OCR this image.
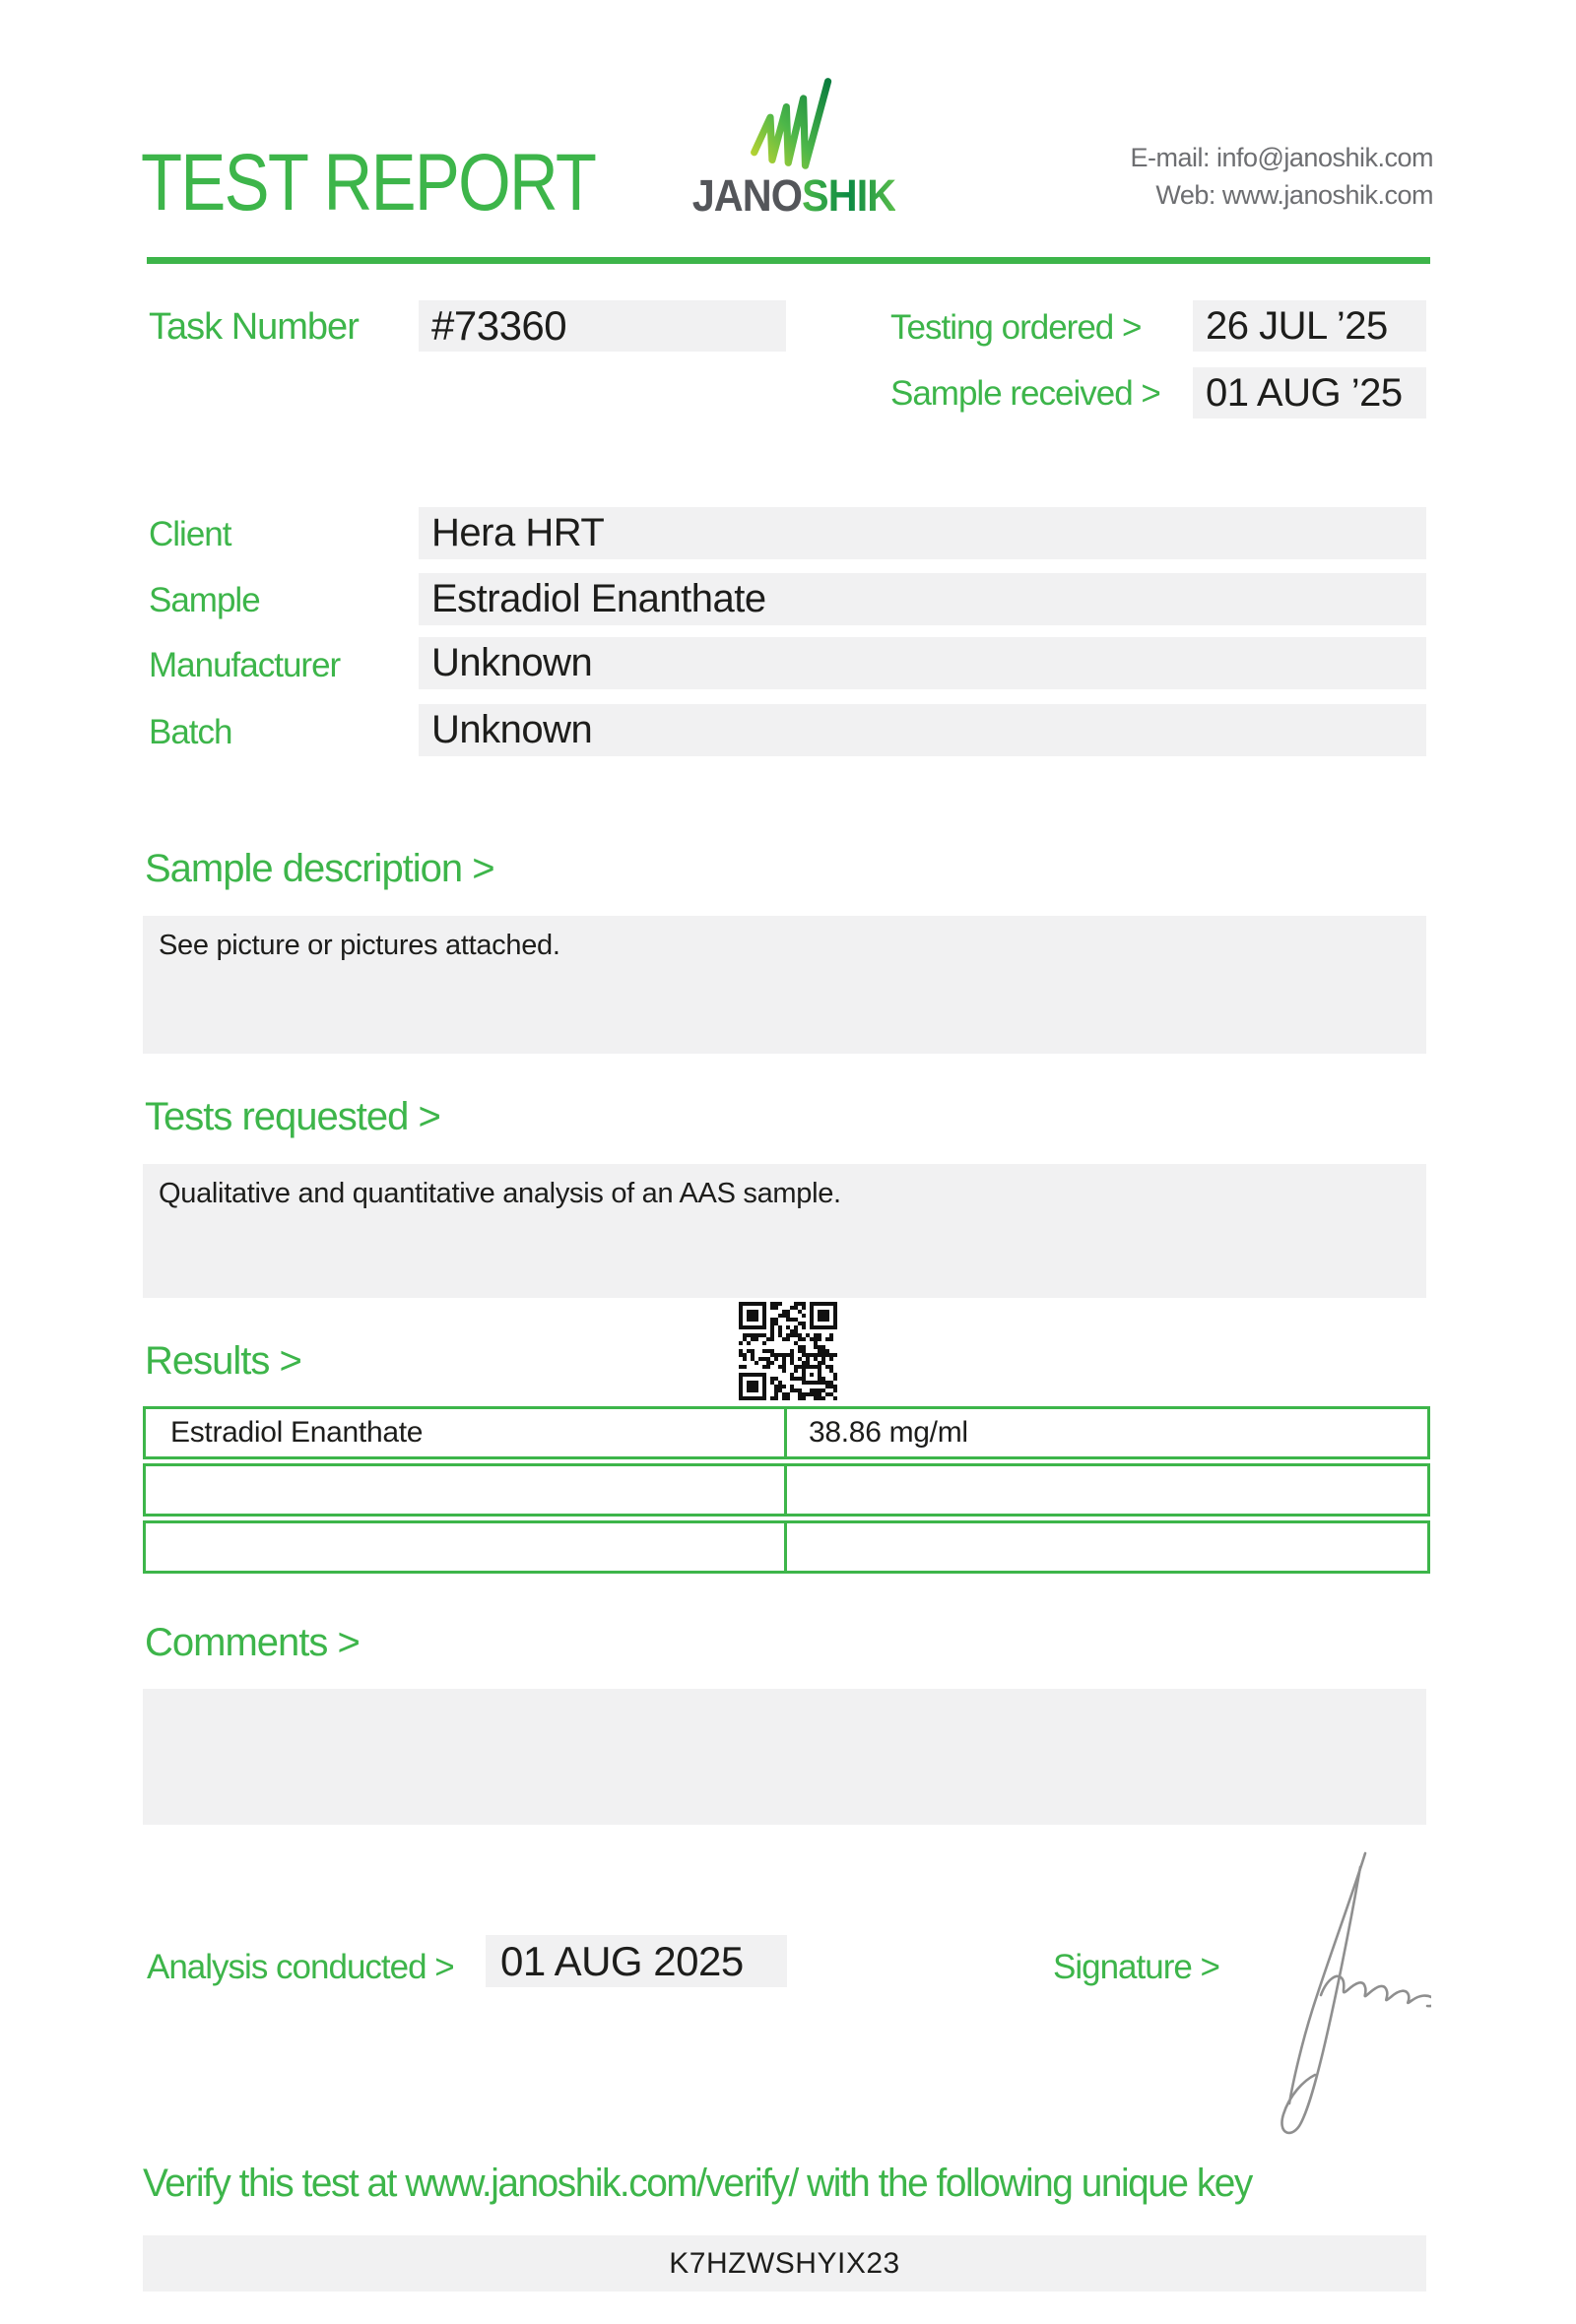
TEST REPORT JANOSHIK
E-mail: info@janoshik.com
Web: www.janoshik.com
Task Number	#73360	Testing ordered >	26 JUL ’25
Sample received >	01 AUG ’25
Client	Hera HRT
Sample	Estradiol Enanthate
Manufacturer	Unknown
Batch	Unknown
Sample description >
See picture or pictures attached.
Tests requested >
Qualitative and quantitative analysis of an AAS sample.
Results >
Estradiol Enanthate	38.86 mg/ml
Comments >
Analysis conducted >	01 AUG 2025	Signature >
Verify this test at www.janoshik.com/verify/ with the following unique key
K7HZWSHYIX23
